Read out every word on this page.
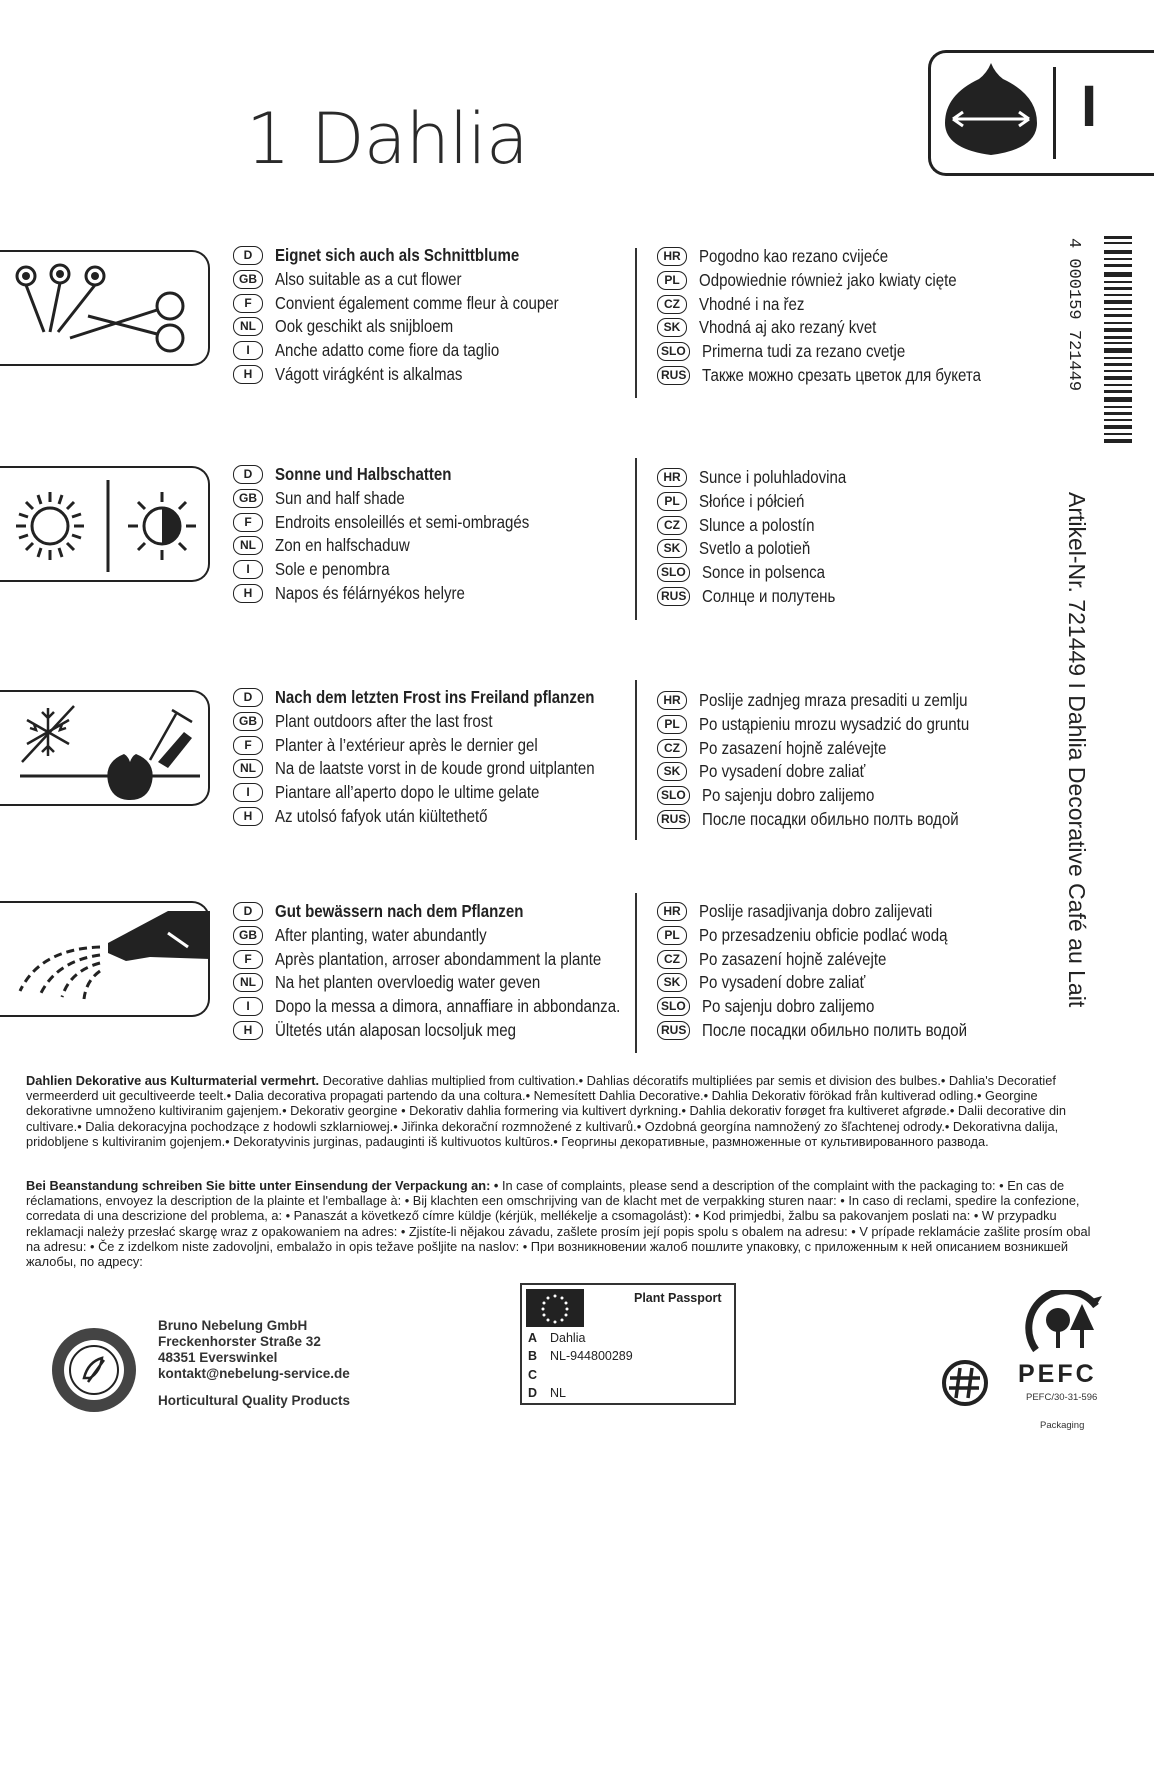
1 Dahlia	I
D	Eignet sich auch als Schnittblume
GB	Also suitable as a cut flower
F	Convient également comme fleur à couper
NL	Ook geschikt als snijbloem
I	Anche adatto come fiore da taglio
H	Vágott virágként is alkalmas
HR	Pogodno kao rezano cvijeće
PL	Odpowiednie również jako kwiaty cięte
CZ	Vhodné i na řez
SK	Vhodná aj ako rezaný kvet
SLO Primerna tudi za rezano cvetje
RUS Также можно срезать цветок для букета
D	Sonne und Halbschatten
GB	Sun and half shade
F	Endroits ensoleillés et semi-ombragés
NL	Zon en halfschaduw
I	Sole e penombra
H	Napos és félárnyékos helyre
HR	Sunce i poluhladovina
PL	Słońce i półcień
CZ	Slunce a polostín
SK	Svetlo a polotieň
SLO Sonce in polsenca
RUS Солнце и полутень
D	Nach dem letzten Frost ins Freiland pflanzen
GB	Plant outdoors after the last frost
F	Planter à l’extérieur après le dernier gel
NL	Na de laatste vorst in de koude grond uitplanten
I	Piantare all’aperto dopo le ultime gelate
H	Az utolsó fafyok után kiültethető
HR	Poslije zadnjeg mraza presaditi u zemlju
PL	Po ustąpieniu mrozu wysadzić do gruntu
CZ	Po zasazení hojně zalévejte
SK	Po vysadení dobre zaliať
SLO Po sajenju dobro zalijemo
RUS После посадки обильно полть водой
D	Gut bewässern nach dem Pflanzen
GB	After planting, water abundantly
F	Après plantation, arroser abondamment la plante
NL	Na het planten overvloedig water geven
I	Dopo la messa a dimora, annaffiare in abbondanza.
H	Ültetés után alaposan locsoljuk meg
HR	Poslije rasadjivanja dobro zalijevati
PL	Po przesadzeniu obficie podlać wodą
CZ	Po zasazení hojně zalévejte
SK	Po vysadení dobre zaliať
SLO Po sajenju dobro zalijemo
RUS После посадки обильно полить водой
4 000159 721449
Artikel-Nr. 721449 I Dahlia Decorative Café au Lait
Dahlien Dekorative aus Kulturmaterial vermehrt. Decorative dahlias multiplied from cultivation.• Dahlias décoratifs multipliées par semis et division des bulbes.• Dahlia's Decoratief vermeerderd uit gecultiveerde teelt.• Dalia decorativa propagati partendo da una coltura.• Nemesített Dahlia Decorative.• Dahlia Dekorativ förökad från kultiverad odling.• Georgine dekorativne umnoženo kultiviranim gajenjem.• Dekorativ georgine • Dekorativ dahlia formering via kultivert dyrkning.• Dahlia dekorativ forøget fra kultiveret afgrøde.• Dalii decorative din cultivare.• Dalia dekoracyjna pochodzące z hodowli szklarniowej.• Jiřinka dekorační rozmnožené z kultivarů.• Ozdobná georgína namnožený zo šľachtenej odrody.• Dekorativna dalija, pridobljene s kultiviranim gojenjem.• Dekoratyvinis jurginas, padauginti iš kultivuotos kultūros.• Георгины декоративные, размноженные от культивированного развода.
Bei Beanstandung schreiben Sie bitte unter Einsendung der Verpackung an: • In case of complaints, please send a description of the complaint with the packaging to: • En cas de réclamations, envoyez la description de la plainte et l'emballage à: • Bij klachten een omschrijving van de klacht met de verpakking sturen naar: • In caso di reclami, spedire la confezione, corredata di una descrizione del problema, a: • Panaszát a következő címre küldje (kérjük, mellékelje a csomagolást): • Kod primjedbi, žalbu sa pakovanjem poslati na: • W przypadku reklamacji należy przesłać skargę wraz z opakowaniem na adres: • Zjistíte-li nějakou závadu, zašlete prosím její popis spolu s obalem na adresu: • V prípade reklamácie zašlite prosím obal na adresu: • Če z izdelkom niste zadovoljni, embalažo in opis težave pošljite na naslov: • При возникновении жалоб пошлите упаковку, с приложенным к ней описанием возникшей жалобы, по адресу:
Bruno Nebelung GmbH
Freckenhorster Straße 32
48351 Everswinkel
kontakt@nebelung-service.de
Horticultural Quality Products
Plant Passport
A Dahlia
B NL-944800289
C
D NL
PEFC
PEFC/30-31-596
Packaging
